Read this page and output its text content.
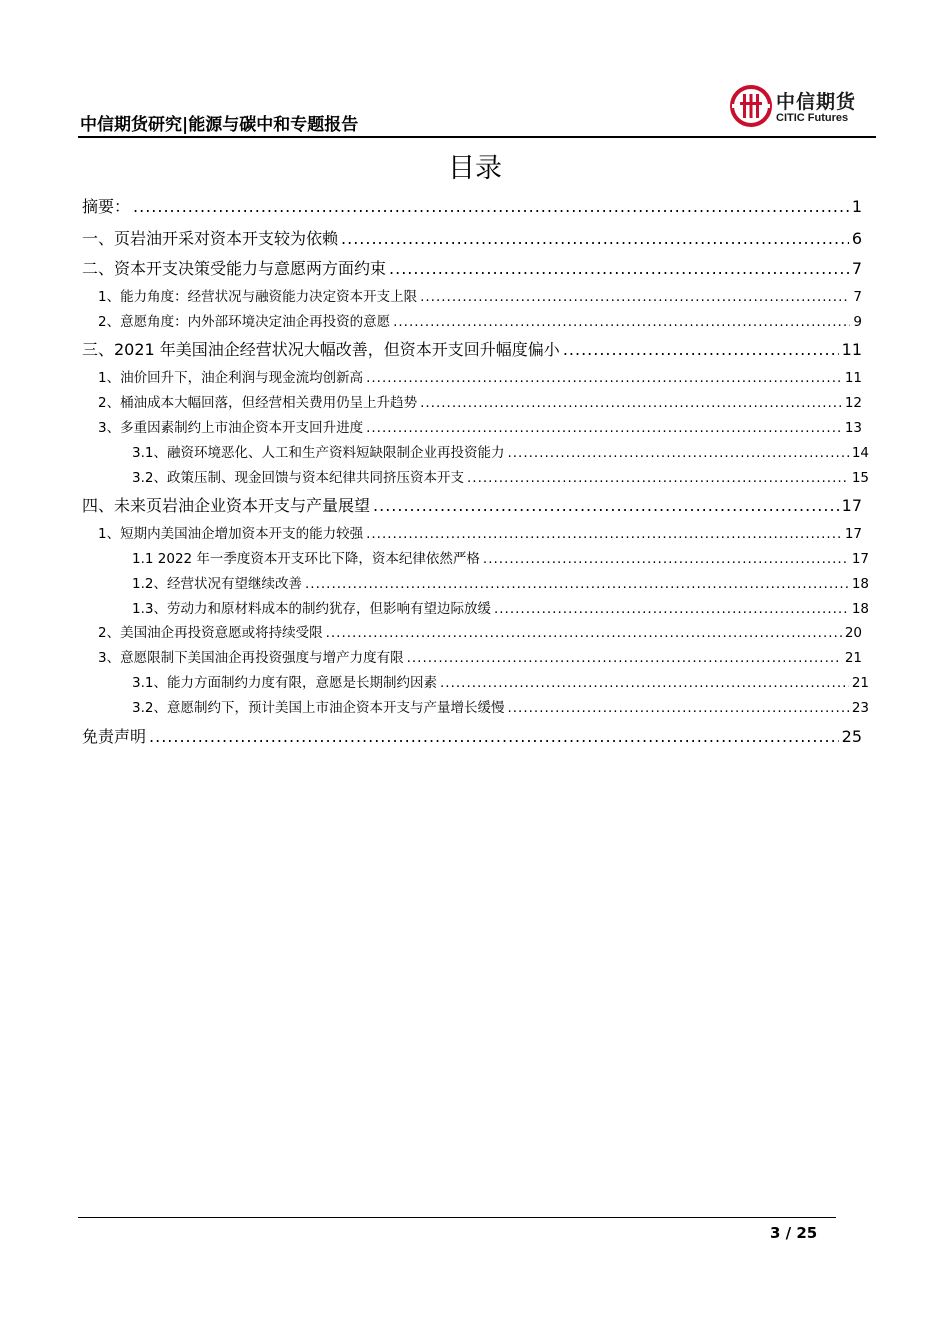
中信期货研究|能源与碳中和专题报告
中信期货
CITIC Futures
目录
摘要： .....	1
一、页岩油开采对资本开支较为依赖 .....	6
二、资本开支决策受能力与意愿两方面约束 .....	7
1、能力角度：经营状况与融资能力决定资本开支上限 .....	7
2、意愿角度：内外部环境决定油企再投资的意愿 .....	9
三、2021 年美国油企经营状况大幅改善，但资本开支回升幅度偏小 .....	11
1、油价回升下，油企利润与现金流均创新高 .....	11
2、桶油成本大幅回落，但经营相关费用仍呈上升趋势 .....	12
3、多重因素制约上市油企资本开支回升进度 .....	13
3.1、融资环境恶化、人工和生产资料短缺限制企业再投资能力 .....	14
3.2、政策压制、现金回馈与资本纪律共同挤压资本开支 .....	15
四、未来页岩油企业资本开支与产量展望 .....	17
1、短期内美国油企增加资本开支的能力较强 .....	17
1.1 2022 年一季度资本开支环比下降，资本纪律依然严格 .....	17
1.2、经营状况有望继续改善 .....	18
1.3、劳动力和原材料成本的制约犹存，但影响有望边际放缓 .....	18
2、美国油企再投资意愿或将持续受限 .....	20
3、意愿限制下美国油企再投资强度与增产力度有限 .....	21
3.1、能力方面制约力度有限，意愿是长期制约因素 .....	21
3.2、意愿制约下，预计美国上市油企资本开支与产量增长缓慢 .....	23
免责声明 .....	25
3 / 25
